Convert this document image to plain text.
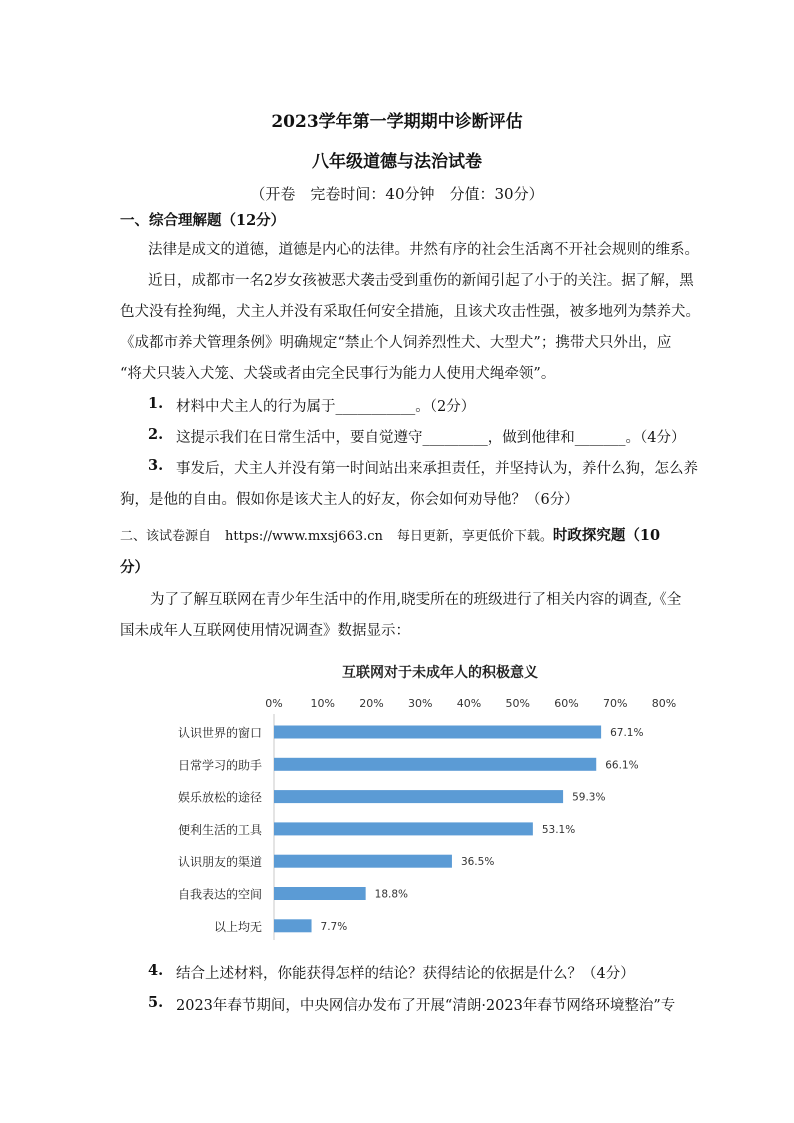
2023学年第一学期期中诊断评估
八年级道德与法治试卷
（开卷　完卷时间：40分钟　分值：30分）
一、综合理解题（12分）
法律是成文的道德，道德是内心的法律。井然有序的社会生活离不开社会规则的维系。
近日，成都市一名2岁女孩被恶犬袭击受到重伤的新闻引起了小于的关注。据了解，黑
色犬没有拴狗绳，犬主人并没有采取任何安全措施，且该犬攻击性强，被多地列为禁养犬。
《成都市养犬管理条例》明确规定“禁止个人饲养烈性犬、大型犬”；携带犬只外出，应
“将犬只装入犬笼、犬袋或者由完全民事行为能力人使用犬绳牵领”。
1. 材料中犬主人的行为属于___________。（2分）
2. 这提示我们在日常生活中，要自觉遵守_________，做到他律和_______。（4分）
3. 事发后，犬主人并没有第一时间站出来承担责任，并坚持认为，养什么狗，怎么养
狗，是他的自由。假如你是该犬主人的好友，你会如何劝导他？（6分）
二、该试卷源自 https://www.mxsj663.cn 每日更新，享更低价下载。时政探究题（10
分）
为了了解互联网在青少年生活中的作用,晓雯所在的班级进行了相关内容的调查,《全
国未成年人互联网使用情况调查》数据显示：
互联网对于未成年人的积极意义
0%	10% 20% 30% 40% 50% 60% 70% 80%
认识世界的窗口	67.1%
日常学习的助手	66.1%
娱乐放松的途径	59.3%
便利生活的工具	53.1%
认识朋友的渠道	36.5%
自我表达的空间	18.8%
以上均无	7.7%
4. 结合上述材料，你能获得怎样的结论？获得结论的依据是什么？（4分）
5. 2023年春节期间，中央网信办发布了开展“清朗·2023年春节网络环境整治”专
